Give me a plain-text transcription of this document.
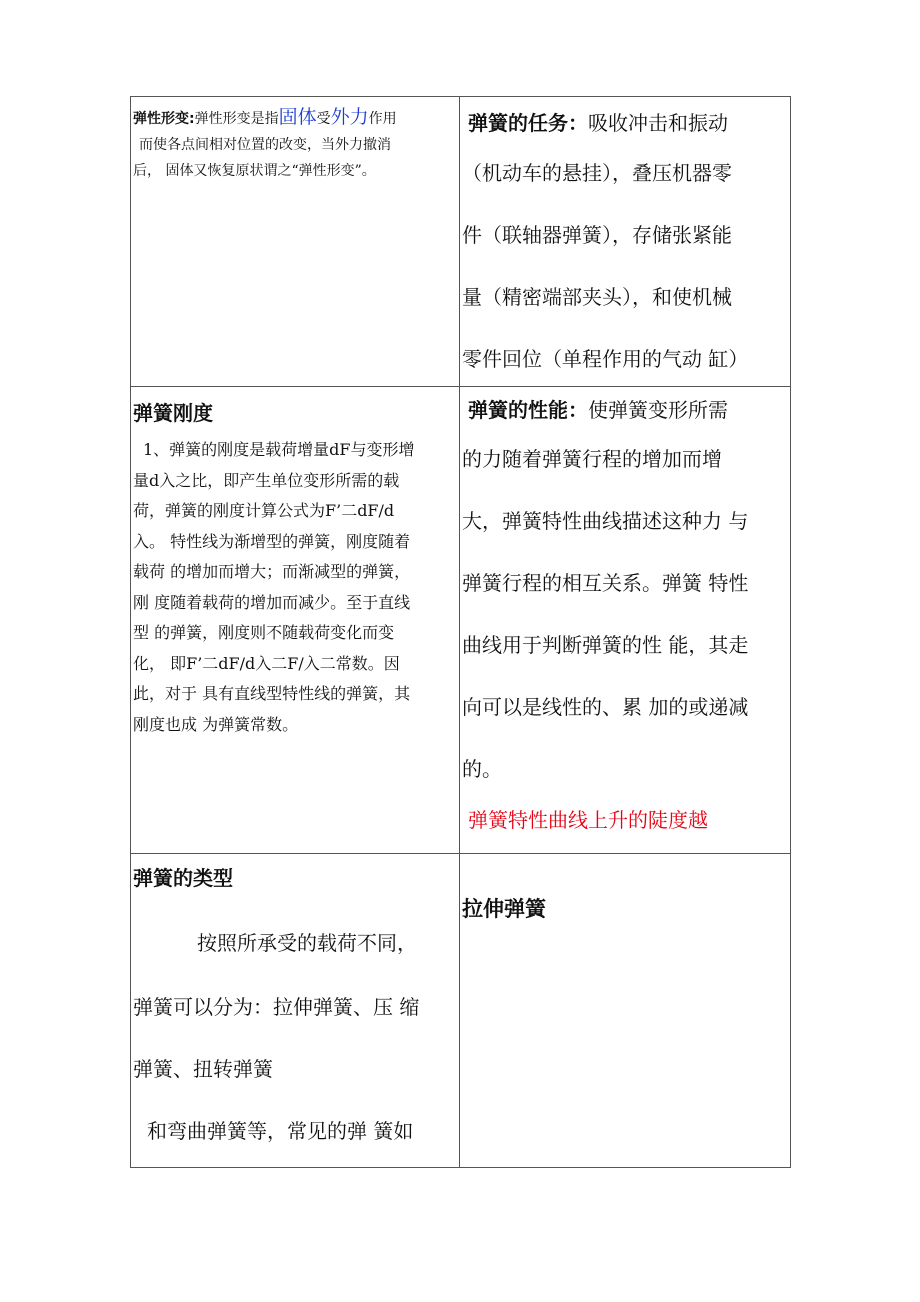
弹性形变:弹性形变是指固体受外力作用
而使各点间相对位置的改变，当外力撤消
后， 固体又恢复原状谓之“弹性形变”。
弹簧的任务：吸收冲击和振动
（机动车的悬挂），叠压机器零
件（联轴器弹簧），存储张紧能
量（精密端部夹头），和使机械
零件回位（单程作用的气动 缸）
弹簧刚度
1、弹簧的刚度是载荷增量dF与变形增
量d入之比，即产生单位变形所需的载
荷，弹簧的刚度计算公式为F’二dF/d
入。 特性线为渐增型的弹簧，刚度随着
载荷 的增加而增大；而渐减型的弹簧，
刚 度随着载荷的增加而减少。至于直线
型 的弹簧，刚度则不随载荷变化而变
化， 即F’二dF/d入二F/入二常数。因
此，对于 具有直线型特性线的弹簧，其
刚度也成 为弹簧常数。
弹簧的性能：使弹簧变形所需
的力随着弹簧行程的增加而增
大，弹簧特性曲线描述这种力 与
弹簧行程的相互关系。弹簧 特性
曲线用于判断弹簧的性 能，其走
向可以是线性的、累 加的或递减
的。
弹簧特性曲线上升的陡度越
弹簧的类型
按照所承受的载荷不同，
弹簧可以分为：拉伸弹簧、压 缩
弹簧、扭转弹簧
和弯曲弹簧等，常见的弹 簧如
拉伸弹簧
